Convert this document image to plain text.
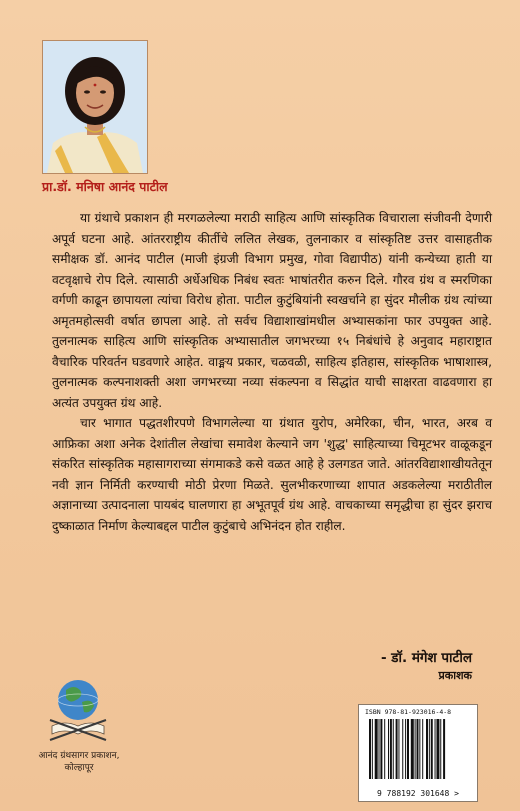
प्रा.डॉ. मनिषा आनंद पाटील

या ग्रंथाचे प्रकाशन ही मरगळलेल्या मराठी साहित्य आणि सांस्कृतिक विचाराला संजीवनी देणारी अपूर्व घटना आहे. आंतरराष्ट्रीय कीर्तीचे ललित लेखक, तुलनाकार व सांस्कृतिष्ट उत्तर वासाहतीक समीक्षक डॉ. आनंद पाटील (माजी इंग्रजी विभाग प्रमुख, गोवा विद्यापीठ) यांनी कन्येच्या हाती या वटवृक्षाचे रोप दिले. त्यासाठी अर्धेअधिक निबंध स्वतः भाषांतरीत करुन दिले. गौरव ग्रंथ व स्मरणिका वर्गणी काढून छापायला त्यांचा विरोध होता. पाटील कुटुंबियांनी स्वखर्चाने हा सुंदर मौलीक ग्रंथ त्यांच्या अमृतमहोत्सवी वर्षात छापला आहे. तो सर्वच विद्याशाखांमधील अभ्यासकांना फार उपयुक्त आहे. तुलनात्मक साहित्य आणि सांस्कृतिक अभ्यासातील जगभरच्या १५ निबंधांचे हे अनुवाद महाराष्ट्रात वैचारिक परिवर्तन घडवणारे आहेत. वाङ्मय प्रकार, चळवळी, साहित्य इतिहास, सांस्कृतिक भाषाशास्त्र, तुलनात्मक कल्पनाशक्ती अशा जगभरच्या नव्या संकल्पना व सिद्धांत याची साक्षरता वाढवणारा हा अत्यंत उपयुक्त ग्रंथ आहे.

चार भागात पद्धतशीरपणे विभागलेल्या या ग्रंथात युरोप, अमेरिका, चीन, भारत, अरब व आफ्रिका अशा अनेक देशांतील लेखांचा समावेश केल्याने जग 'शुद्ध' साहित्याच्या चिमूटभर वाळूकडून संकरित सांस्कृतिक महासागराच्या संगमाकडे कसे वळत आहे हे उलगडत जाते. आंतरविद्याशाखीयतेतून नवी ज्ञान निर्मिती करण्याची मोठी प्रेरणा मिळते. सुलभीकरणाच्या शापात अडकलेल्या मराठीतील अज्ञानाच्या उत्पादनाला पायबंद घालणारा हा अभूतपूर्व ग्रंथ आहे. वाचकाच्या समृद्धीचा हा सुंदर झराच दुष्काळात निर्माण केल्याबद्दल पाटील कुटुंबाचे अभिनंदन होत राहील.

- डॉ. मंगेश पाटील
प्रकाशक
आनंद ग्रंथसागर प्रकाशन,
कोल्हापूर
ISBN 978-81-923016-4-8
9 788192 301648 >
